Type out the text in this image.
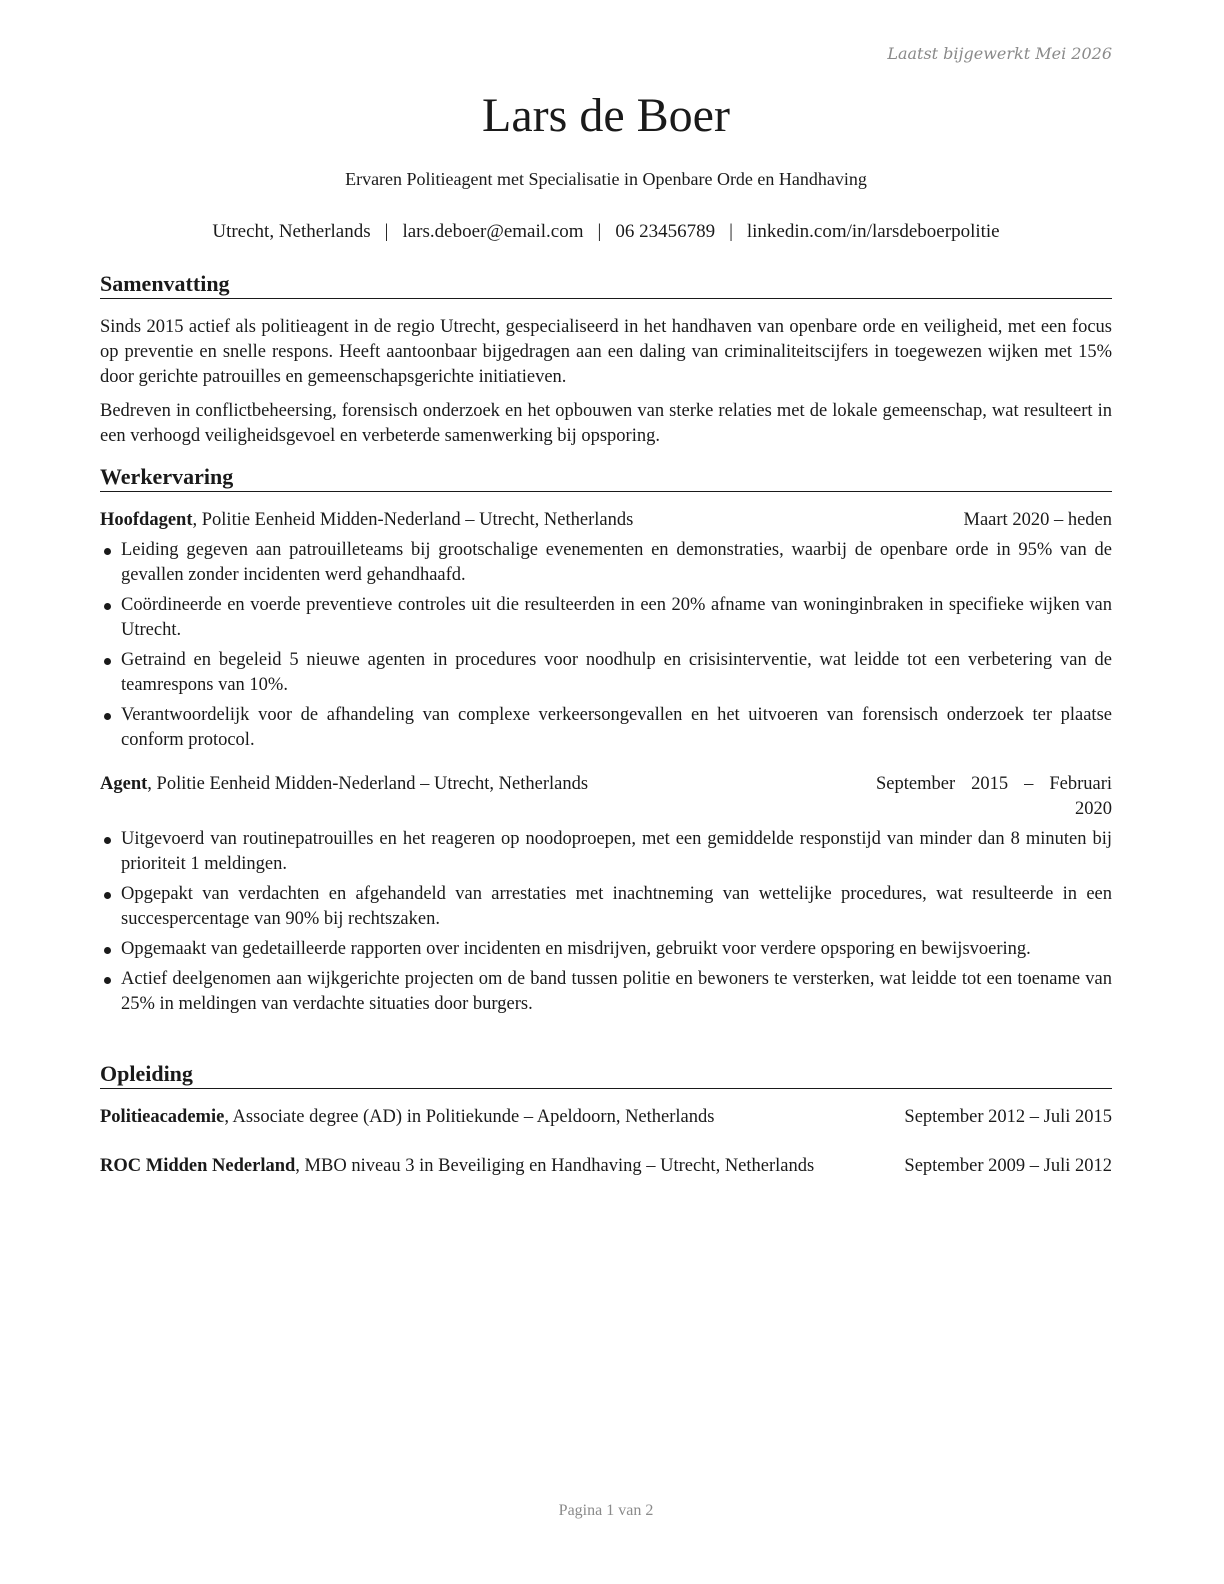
Laatst bijgewerkt Mei 2026
Lars de Boer
Ervaren Politieagent met Specialisatie in Openbare Orde en Handhaving
Utrecht, Netherlands | lars.deboer@email.com | 06 23456789 | linkedin.com/in/larsdeboerpolitie
Samenvatting

Sinds 2015 actief als politieagent in de regio Utrecht, gespecialiseerd in het handhaven van openbare orde en veiligheid, met een focus op preventie en snelle respons. Heeft aantoonbaar bijgedragen aan een daling van criminaliteitscijfers in toegewezen wijken met 15% door gerichte patrouilles en gemeenschapsgerichte initiatieven.

Bedreven in conflictbeheersing, forensisch onderzoek en het opbouwen van sterke relaties met de lokale gemeenschap, wat resulteert in een verhoogd veiligheidsgevoel en verbeterde samenwerking bij opsporing.

Werkervaring
Hoofdagent, Politie Eenheid Midden-Nederland – Utrecht, Netherlands	Maart 2020 – heden
Leiding gegeven aan patrouilleteams bij grootschalige evenementen en demonstraties, waarbij de openbare orde in 95% van de gevallen zonder incidenten werd gehandhaafd.
Coördineerde en voerde preventieve controles uit die resulteerden in een 20% afname van woninginbraken in specifieke wijken van Utrecht.
Getraind en begeleid 5 nieuwe agenten in procedures voor noodhulp en crisisinterventie, wat leidde tot een verbetering van de teamrespons van 10%.
Verantwoordelijk voor de afhandeling van complexe verkeersongevallen en het uitvoeren van forensisch onderzoek ter plaatse conform protocol.
Agent, Politie Eenheid Midden-Nederland – Utrecht, Netherlands	September 2015 – Februari 2020
Uitgevoerd van routinepatrouilles en het reageren op noodoproepen, met een gemiddelde responstijd van minder dan 8 minuten bij prioriteit 1 meldingen.
Opgepakt van verdachten en afgehandeld van arrestaties met inachtneming van wettelijke procedures, wat resulteerde in een succespercentage van 90% bij rechtszaken.
Opgemaakt van gedetailleerde rapporten over incidenten en misdrijven, gebruikt voor verdere opsporing en bewijsvoering.
Actief deelgenomen aan wijkgerichte projecten om de band tussen politie en bewoners te versterken, wat leidde tot een toename van 25% in meldingen van verdachte situaties door burgers.
Opleiding
Politieacademie, Associate degree (AD) in Politiekunde – Apeldoorn, Netherlands	September 2012 – Juli 2015
ROC Midden Nederland, MBO niveau 3 in Beveiliging en Handhaving – Utrecht, Netherlands	September 2009 – Juli 2012
Pagina 1 van 2
